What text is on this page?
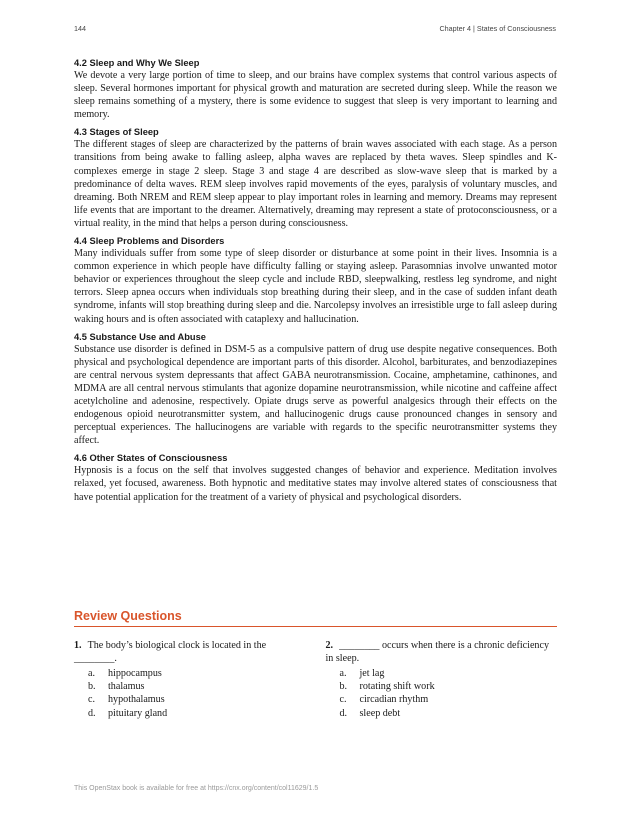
144	Chapter 4 | States of Consciousness
4.2 Sleep and Why We Sleep

We devote a very large portion of time to sleep, and our brains have complex systems that control various aspects of sleep. Several hormones important for physical growth and maturation are secreted during sleep. While the reason we sleep remains something of a mystery, there is some evidence to suggest that sleep is very important to learning and memory.

4.3 Stages of Sleep

The different stages of sleep are characterized by the patterns of brain waves associated with each stage. As a person transitions from being awake to falling asleep, alpha waves are replaced by theta waves. Sleep spindles and K-complexes emerge in stage 2 sleep. Stage 3 and stage 4 are described as slow-wave sleep that is marked by a predominance of delta waves. REM sleep involves rapid movements of the eyes, paralysis of voluntary muscles, and dreaming. Both NREM and REM sleep appear to play important roles in learning and memory. Dreams may represent life events that are important to the dreamer. Alternatively, dreaming may represent a state of protoconsciousness, or a virtual reality, in the mind that helps a person during consciousness.

4.4 Sleep Problems and Disorders

Many individuals suffer from some type of sleep disorder or disturbance at some point in their lives. Insomnia is a common experience in which people have difficulty falling or staying asleep. Parasomnias involve unwanted motor behavior or experiences throughout the sleep cycle and include RBD, sleepwalking, restless leg syndrome, and night terrors. Sleep apnea occurs when individuals stop breathing during their sleep, and in the case of sudden infant death syndrome, infants will stop breathing during sleep and die. Narcolepsy involves an irresistible urge to fall asleep during waking hours and is often associated with cataplexy and hallucination.

4.5 Substance Use and Abuse

Substance use disorder is defined in DSM-5 as a compulsive pattern of drug use despite negative consequences. Both physical and psychological dependence are important parts of this disorder. Alcohol, barbiturates, and benzodiazepines are central nervous system depressants that affect GABA neurotransmission. Cocaine, amphetamine, cathinones, and MDMA are all central nervous stimulants that agonize dopamine neurotransmission, while nicotine and caffeine affect acetylcholine and adenosine, respectively. Opiate drugs serve as powerful analgesics through their effects on the endogenous opioid neurotransmitter system, and hallucinogenic drugs cause pronounced changes in sensory and perceptual experiences. The hallucinogens are variable with regards to the specific neurotransmitter systems they affect.

4.6 Other States of Consciousness

Hypnosis is a focus on the self that involves suggested changes of behavior and experience. Meditation involves relaxed, yet focused, awareness. Both hypnotic and meditative states may involve altered states of consciousness that have potential application for the treatment of a variety of physical and psychological disorders.

Review Questions

1. The body’s biological clock is located in the ________.

a.	hippocampus
b.	thalamus
c.	hypothalamus
d.	pituitary gland

2. ________ occurs when there is a chronic deficiency in sleep.

a.	jet lag
b.	rotating shift work
c.	circadian rhythm
d.	sleep debt
This OpenStax book is available for free at https://cnx.org/content/col11629/1.5
